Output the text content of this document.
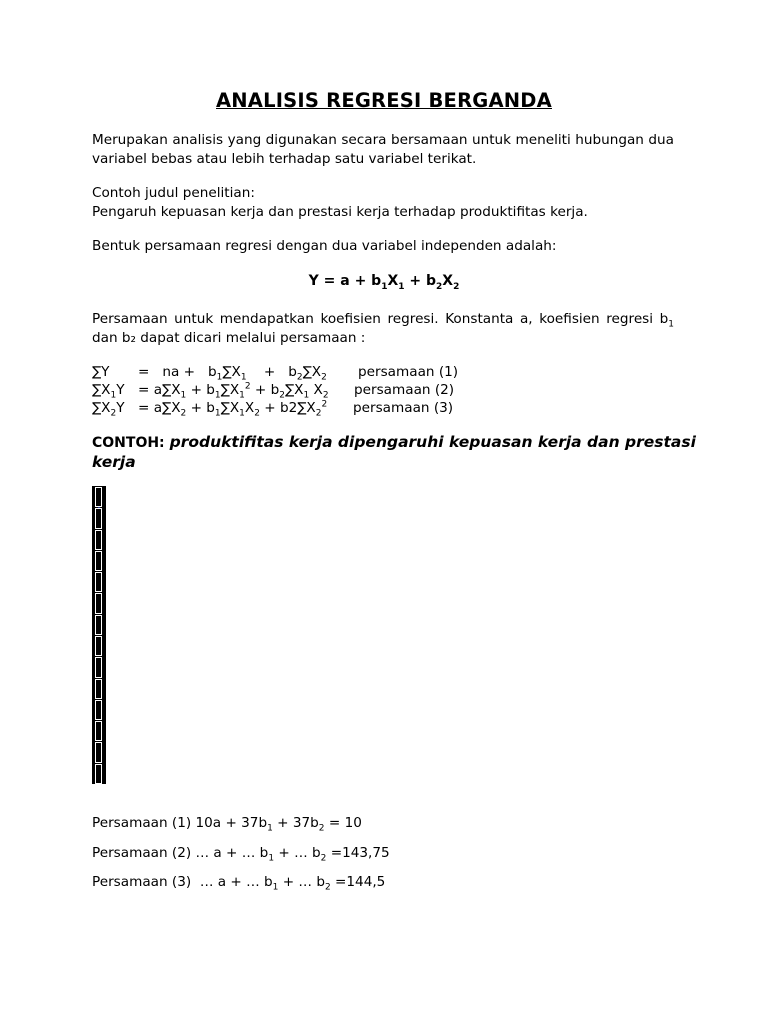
ANALISIS REGRESI BERGANDA
Merupakan analisis yang digunakan secara bersamaan untuk meneliti hubungan dua
variabel bebas atau lebih terhadap satu variabel terikat.
Contoh judul penelitian:
Pengaruh kepuasan kerja dan prestasi kerja terhadap produktifitas kerja.
Bentuk persamaan regresi dengan dua variabel independen adalah:
$Y = a + b_1X_1 + b_2X_2$
Persamaan untuk mendapatkan koefisien regresi. Konstanta a, koefisien regresi $b_1$
dan b₂ dapat dicari melalui persamaan :
∑Y =   na +   $b_1\sum X_1$    +   $b_2\sum X_2$ persamaan (1)
$\sum X_1Y = a\sum X_1 + b_1\sum X_1^2 + b_2\sum X_1$ $X_2$ persamaan (2)
$\sum X_2Y = a\sum X_2 + b_1\sum X_1X_2 + b2\sum X_2^2$ persamaan (3)
CONTOH: produktifitas kerja dipengaruhi kepuasan kerja dan prestasi
kerja
Persamaan (1) $10a + 37b_1 + 37b_2 = 10$
Persamaan (2) … a + … $b_1$ + … $b_2 =143,75$
Persamaan (3)  … a + … $b_1$ + … $b_2 =144,5$
